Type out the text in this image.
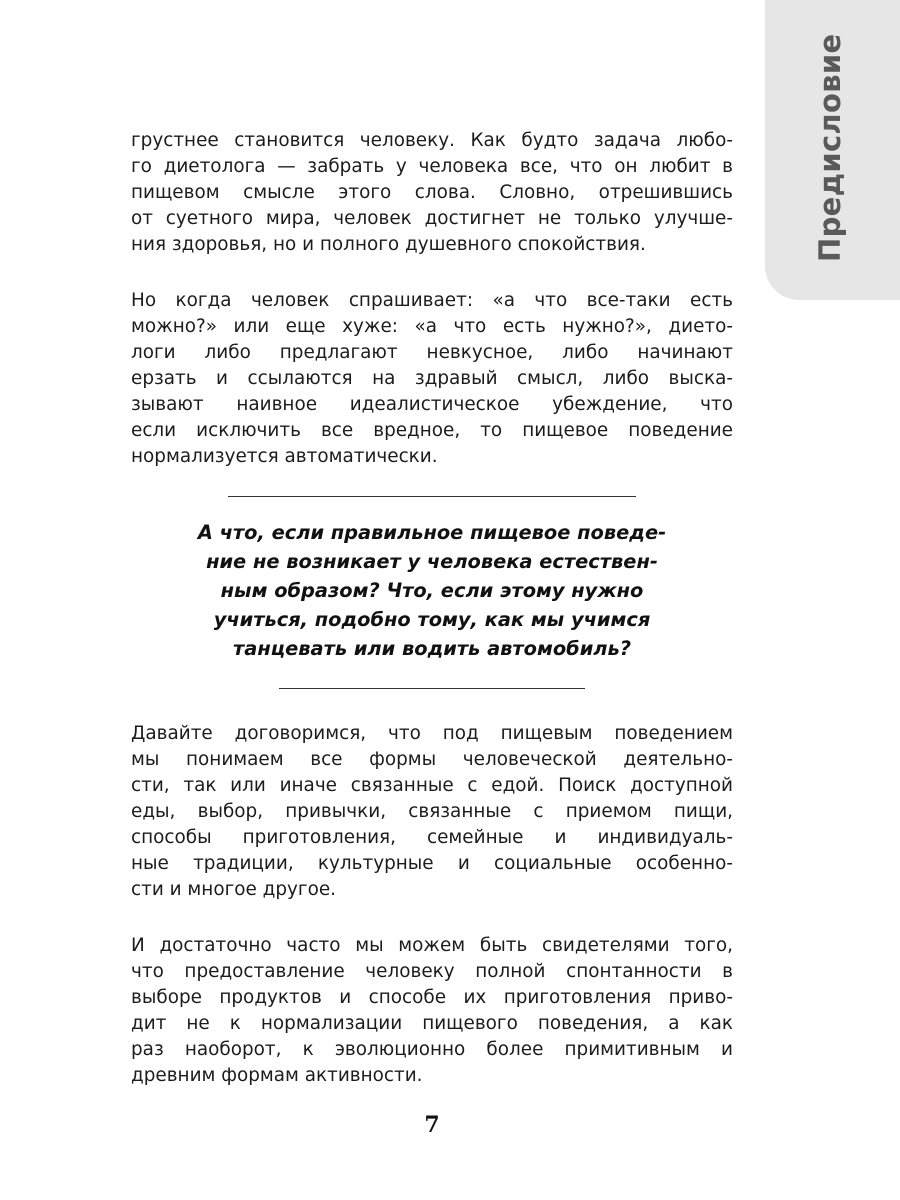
Предисловие

грустнее становится человеку. Как будто задача любо-
го диетолога — забрать у человека все, что он любит в
пищевом смысле этого слова. Словно, отрешившись
от суетного мира, человек достигнет не только улучше-
ния здоровья, но и полного душевного спокойствия.

Но когда человек спрашивает: «а что все-таки есть
можно?» или еще хуже: «а что есть нужно?», дието-
логи либо предлагают невкусное, либо начинают
ерзать и ссылаются на здравый смысл, либо выска-
зывают наивное идеалистическое убеждение, что
если исключить все вредное, то пищевое поведение
нормализуется автоматически.

А что, если правильное пищевое поведе-
ние не возникает у человека естествен-
ным образом? Что, если этому нужно
учиться, подобно тому, как мы учимся
танцевать или водить автомобиль?

Давайте договоримся, что под пищевым поведением
мы понимаем все формы человеческой деятельно-
сти, так или иначе связанные с едой. Поиск доступной
еды, выбор, привычки, связанные с приемом пищи,
способы приготовления, семейные и индивидуаль-
ные традиции, культурные и социальные особенно-
сти и многое другое.

И достаточно часто мы можем быть свидетелями того,
что предоставление человеку полной спонтанности в
выборе продуктов и способе их приготовления приво-
дит не к нормализации пищевого поведения, а как
раз наоборот, к эволюционно более примитивным и
древним формам активности.

7
